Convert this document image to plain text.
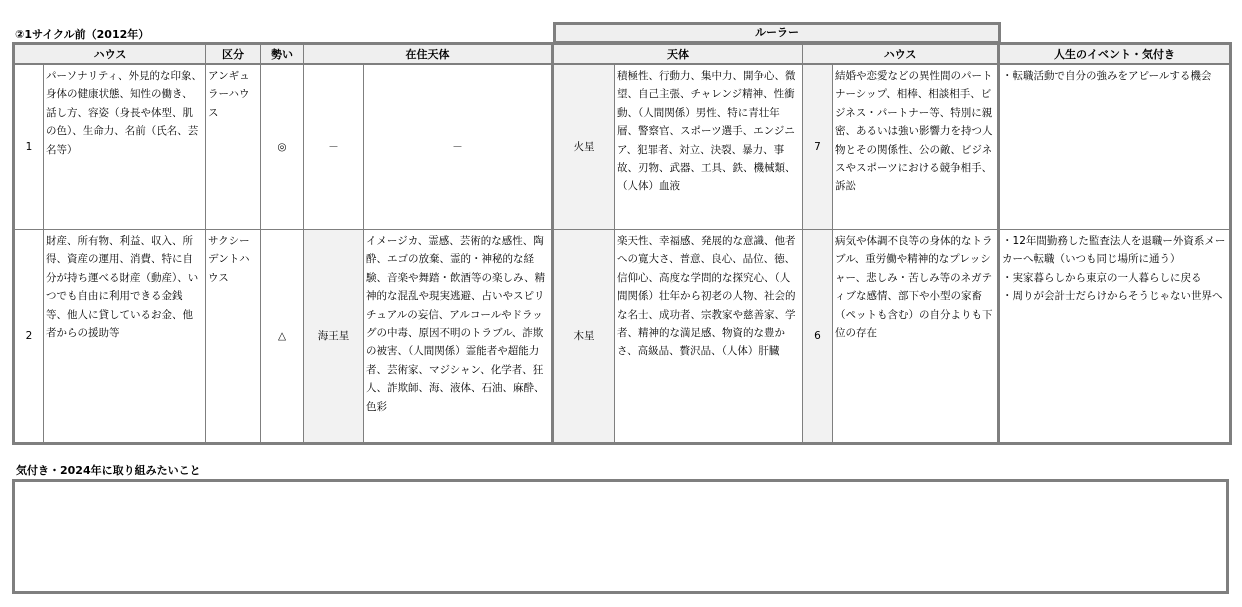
②1サイクル前（2012年）	ルーラー
ハウス		区分	勢い	在住天体		天体		ハウス		人生のイベント・気付き
1	パーソナリティ、外見的な印象、身体の健康状態、知性の働き、話し方、容姿（身長や体型、肌の色）、生命力、名前（氏名、芸名等）	アンギュラーハウス	◎	－	－	火星	積極性、行動力、集中力、開争心、微望、自己主張、チャレンジ精神、性衝動、（人間関係）男性、特に青壮年層、警察官、スポーツ選手、エンジニア、犯罪者、対立、決裂、暴力、事故、刃物、武器、工具、鉄、機械類、（人体）血液	7	結婚や恋愛などの異性間のパートナーシップ、相棒、相談相手、ビジネス・パートナー等、特別に親密、あるいは強い影響力を持つ人物とその関係性、公の敵、ビジネスやスポーツにおける競争相手、訴訟	・転職活動で自分の強みをアピールする機会
2	財産、所有物、利益、収入、所得、資産の運用、消費、特に自分が持ち運べる財産（動産）、いつでも自由に利用できる金銭等、他人に貸しているお金、他者からの援助等	サクシーデントハウス	△	海王星	イメージカ、霊感、芸術的な感性、陶酔、エゴの放棄、霊的・神秘的な経験、音楽や舞踏・飲酒等の楽しみ、精神的な混乱や現実逃避、占いやスピリチュアルの妄信、アルコールやドラッグの中毒、原因不明のトラブル、詐欺の被害、（人間関係）霊能者や超能力者、芸術家、マジシャン、化学者、狂人、詐欺師、海、液体、石油、麻酔、色彩	木星	楽天性、幸福感、発展的な意識、他者への寛大さ、普意、良心、品位、徳、信仰心、高度な学問的な探究心、（人間関係）壮年から初老の人物、社会的な名士、成功者、宗教家や慈善家、学者、精神的な満足感、物資的な豊かさ、高級品、贅沢品、（人体）肝臓	6	病気や体調不良等の身体的なトラブル、重労働や精神的なプレッシャー、悲しみ・苦しみ等のネガティブな感情、部下や小型の家畜（ペットも含む）の自分よりも下位の存在	・12年間勤務した監査法人を退職ー外資系メーカーへ転職（いつも同じ場所に通う）
・実家暮らしから東京の一人暮らしに戻る
・周りが会計士だらけからそうじゃない世界へ
気付き・2024年に取り組みたいこと
